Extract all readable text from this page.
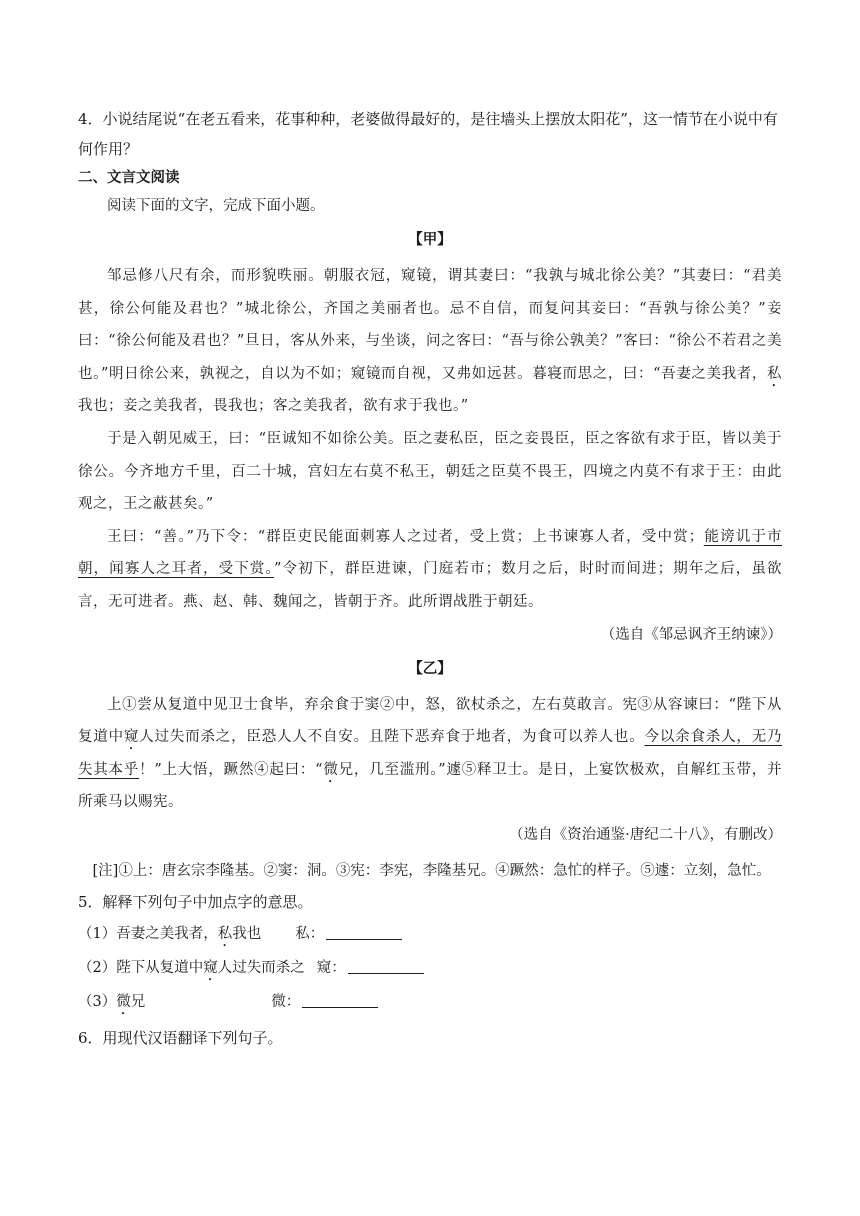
4．小说结尾说“在老五看来，花事种种，老婆做得最好的，是往墙头上摆放太阳花”，这一情节在小说中有
何作用？

二、文言文阅读

阅读下面的文字，完成下面小题。

【甲】

邹忌修八尺有余，而形貌昳丽。朝服衣冠，窥镜，谓其妻曰：“我孰与城北徐公美？”其妻曰：“君美甚，徐公何能及君也？”城北徐公，齐国之美丽者也。忌不自信，而复问其妾曰：“吾孰与徐公美？”妾曰：“徐公何能及君也？”旦日，客从外来，与坐谈，问之客曰：“吾与徐公孰美？”客曰：“徐公不若君之美也。”明日徐公来，孰视之，自以为不如；窥镜而自视，又弗如远甚。暮寝而思之，曰：“吾妻之美我者，私我也；妾之美我者，畏我也；客之美我者，欲有求于我也。”

于是入朝见威王，曰：“臣诚知不如徐公美。臣之妻私臣，臣之妾畏臣，臣之客欲有求于臣，皆以美于徐公。今齐地方千里，百二十城，宫妇左右莫不私王，朝廷之臣莫不畏王，四境之内莫不有求于王：由此观之，王之蔽甚矣。”

王曰：“善。”乃下令：“群臣吏民能面刺寡人之过者，受上赏；上书谏寡人者，受中赏；能谤讥于市朝，闻寡人之耳者，受下赏。”令初下，群臣进谏，门庭若市；数月之后，时时而间进；期年之后，虽欲言，无可进者。燕、赵、韩、魏闻之，皆朝于齐。此所谓战胜于朝廷。

（选自《邹忌讽齐王纳谏》）

【乙】

上①尝从复道中见卫士食毕，弃余食于窦②中，怒，欲杖杀之，左右莫敢言。宪③从容谏曰：“陛下从复道中窥人过失而杀之，臣恐人人不自安。且陛下恶弃食于地者，为食可以养人也。今以余食杀人，无乃失其本乎！”上大悟，蹶然④起曰：“微兄，几至滥刑。”遽⑤释卫士。是日，上宴饮极欢，自解红玉带，并所乘马以赐宪。

（选自《资治通鉴·唐纪二十八》，有删改）

[注]①上：唐玄宗李隆基。②窦：洞。③宪：李宪，李隆基兄。④蹶然：急忙的样子。⑤遽：立刻，急忙。

5．解释下列句子中加点字的意思。

（1）吾妻之美我者，私我也 私：

（2）陛下从复道中窥人过失而杀之 窥：

（3）微兄	微：

6．用现代汉语翻译下列句子。
